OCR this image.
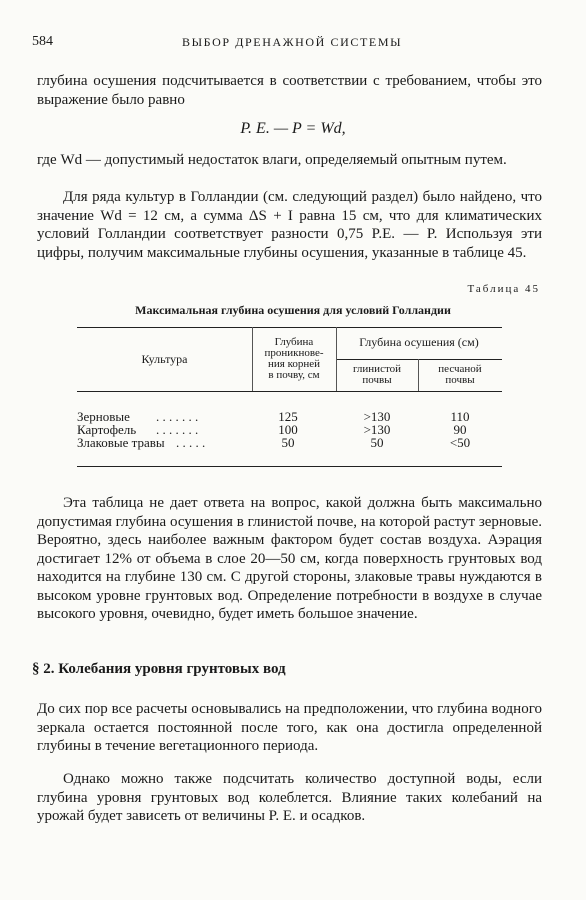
584	ВЫБОР ДРЕНАЖНОЙ СИСТЕМЫ

глубина осушения подсчитывается в соответствии с требованием, чтобы это выражение было равно

P. E. — P = Wd,

где Wd — допустимый недостаток влаги, определяемый опытным путем.

Для ряда культур в Голландии (см. следующий раздел) было найдено, что значение Wd = 12 см, а сумма ΔS + I равна 15 см, что для климатических условий Голландии соответствует разности 0,75 P.E. — P. Используя эти цифры, получим максимальные глубины осушения, указанные в таблице 45.

Таблица 45
Максимальная глубина осушения для условий Голландии
Культура
Глубина
проникнове-
ния корней
в почву, см
Глубина осушения (см)
глинистой
почвы
песчаной
почвы
Зерновые . . . . . . .	125	>130	110
Картофель . . . . . . .	100	>130	90
Злаковые травы . . . . .	50	50	<50

Эта таблица не дает ответа на вопрос, какой должна быть максимально допустимая глубина осушения в глинистой почве, на которой растут зерновые. Вероятно, здесь наиболее важным фактором будет состав воздуха. Аэрация достигает 12% от объема в слое 20—50 см, когда поверхность грунтовых вод находится на глубине 130 см. С другой стороны, злаковые травы нуждаются в высоком уровне грунтовых вод. Определение потребности в воздухе в случае высокого уровня, очевидно, будет иметь большое значение.

§ 2. Колебания уровня грунтовых вод

До сих пор все расчеты основывались на предположении, что глубина водного зеркала остается постоянной после того, как она достигла определенной глубины в течение вегетационного периода.

Однако можно также подсчитать количество доступной воды, если глубина уровня грунтовых вод колеблется. Влияние таких колебаний на урожай будет зависеть от величины P. E. и осадков.
